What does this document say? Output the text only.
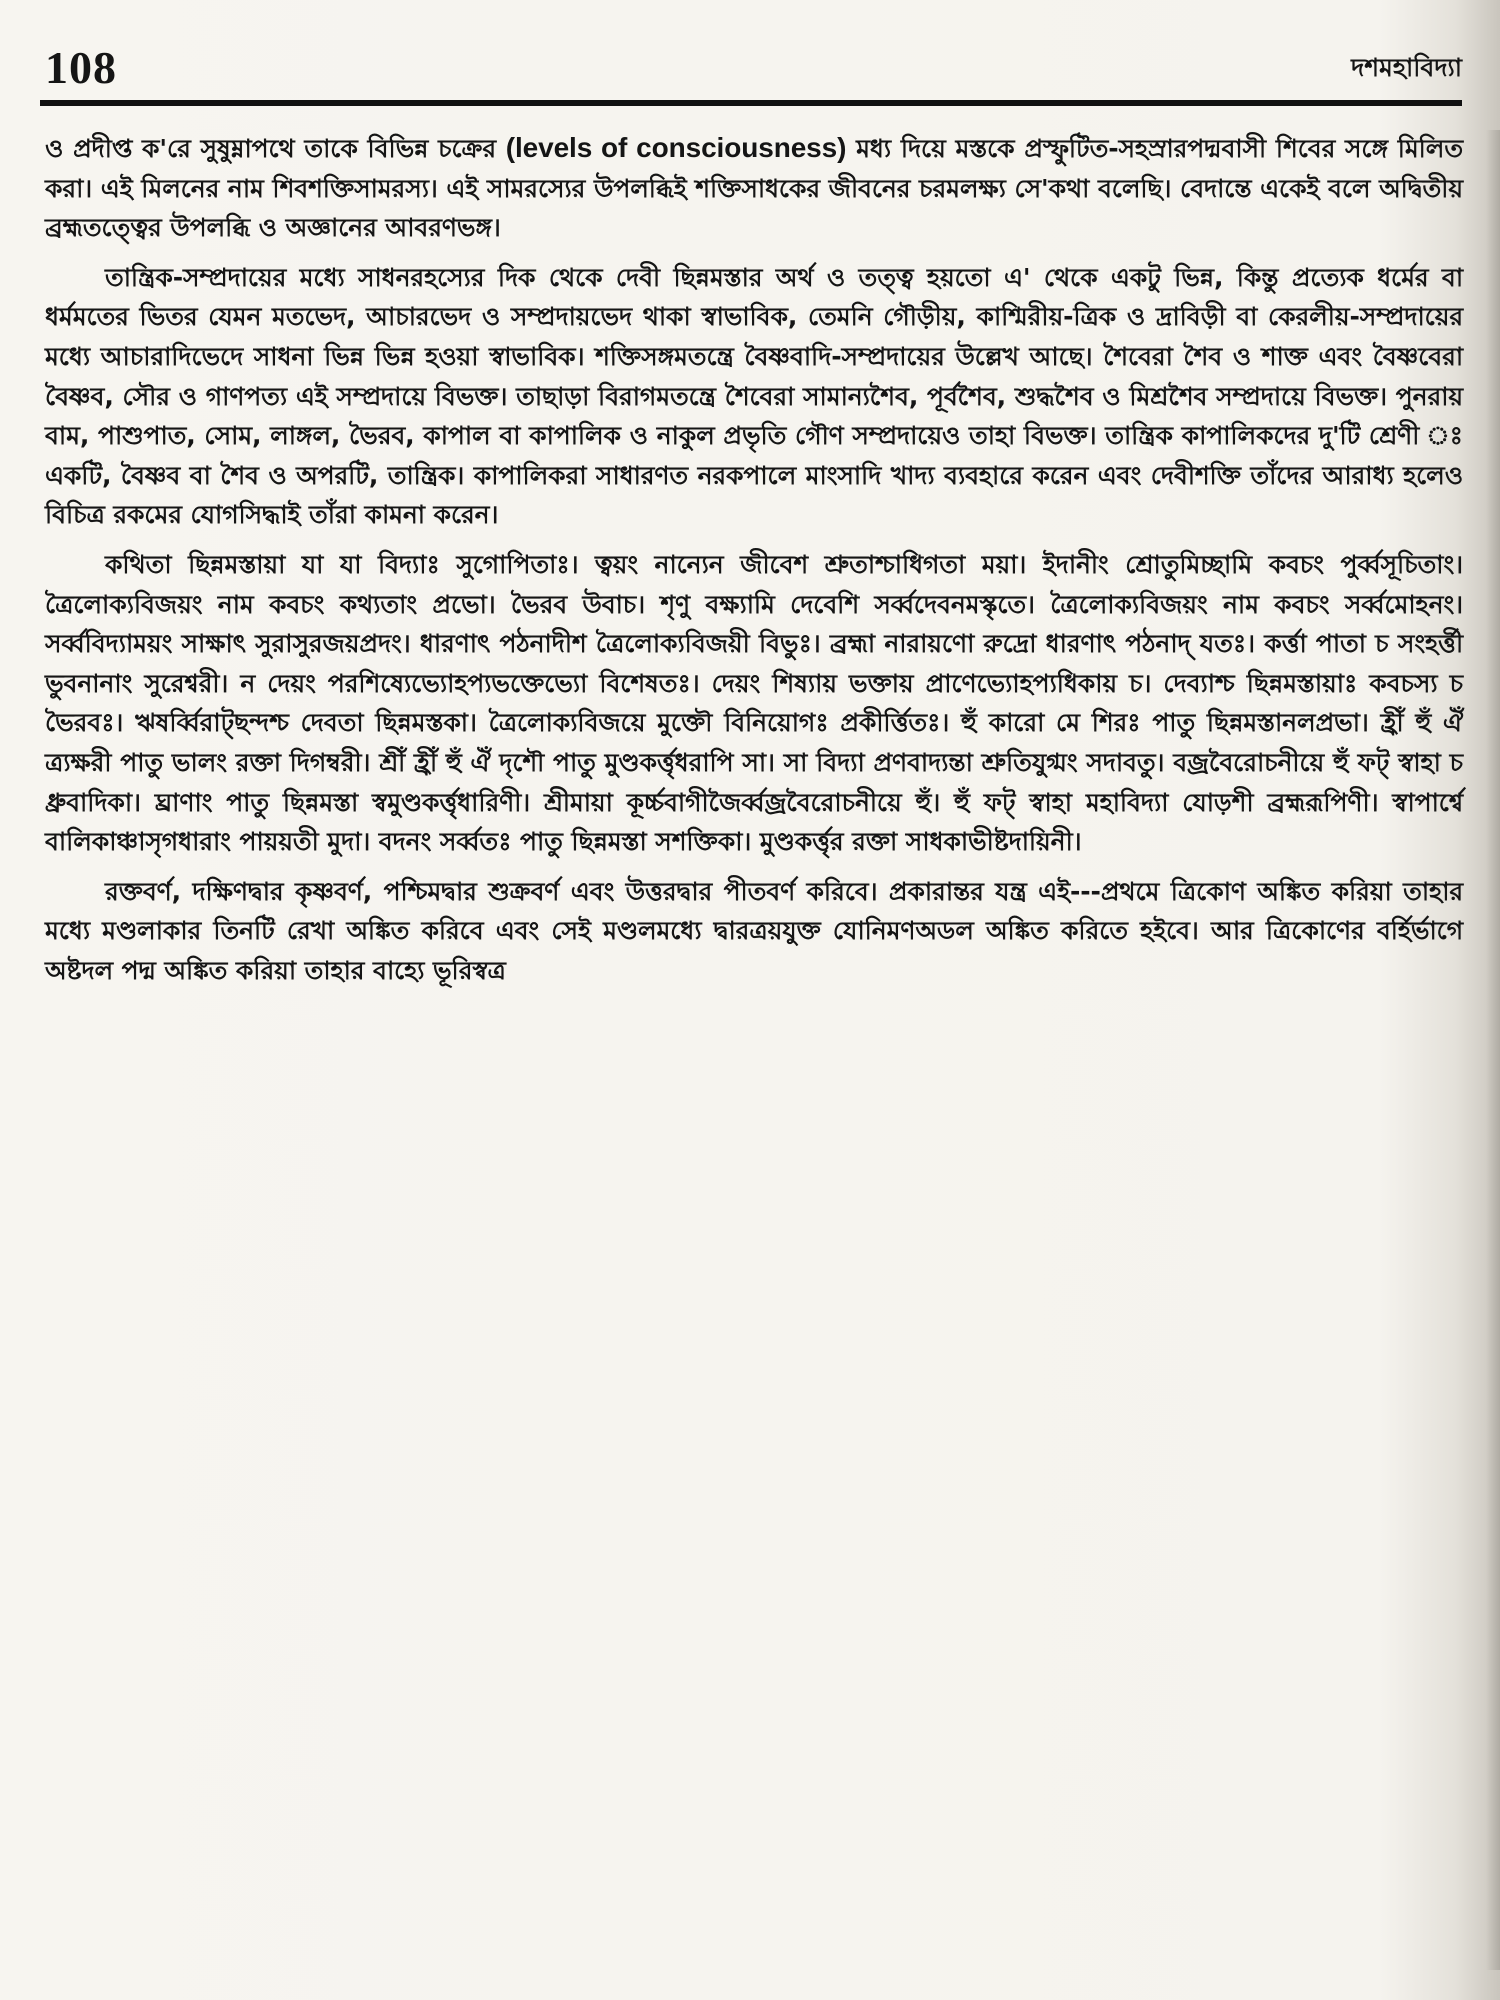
108	দশমহাবিদ্যা

ও প্রদীপ্ত ক'রে সুষুম্নাপথে তাকে বিভিন্ন চক্রের (levels of consciousness) মধ্য দিয়ে মস্তকে প্রস্ফুটিত-সহস্রারপদ্মবাসী শিবের সঙ্গে মিলিত করা। এই মিলনের নাম শিবশক্তিসামরস্য। এই সামরস্যের উপলব্ধিই শক্তিসাধকের জীবনের চরমলক্ষ্য সে'কথা বলেছি। বেদান্তে একেই বলে অদ্বিতীয় ব্রহ্মতত্ত্বের উপলব্ধি ও অজ্ঞানের আবরণভঙ্গ।

তান্ত্রিক-সম্প্রদায়ের মধ্যে সাধনরহস্যের দিক থেকে দেবী ছিন্নমস্তার অর্থ ও তত্ত্ব হয়তো এ' থেকে একটু ভিন্ন, কিন্তু প্রত্যেক ধর্মের বা ধর্মমতের ভিতর যেমন মতভেদ, আচারভেদ ও সম্প্রদায়ভেদ থাকা স্বাভাবিক, তেমনি গৌড়ীয়, কাশ্মিরীয়-ত্রিক ও দ্রাবিড়ী বা কেরলীয়-সম্প্রদায়ের মধ্যে আচারাদিভেদে সাধনা ভিন্ন ভিন্ন হওয়া স্বাভাবিক। শক্তিসঙ্গমতন্ত্রে বৈষ্ণবাদি-সম্প্রদায়ের উল্লেখ আছে। শৈবেরা শৈব ও শাক্ত এবং বৈষ্ণবেরা বৈষ্ণব, সৌর ও গাণপত্য এই সম্প্রদায়ে বিভক্ত। তাছাড়া বিরাগমতন্ত্রে শৈবেরা সামান্যশৈব, পূর্বশৈব, শুদ্ধশৈব ও মিশ্রশৈব সম্প্রদায়ে বিভক্ত। পুনরায় বাম, পাশুপাত, সোম, লাঙ্গল, ভৈরব, কাপাল বা কাপালিক ও নাকুল প্রভৃতি গৌণ সম্প্রদায়েও তাহা বিভক্ত। তান্ত্রিক কাপালিকদের দু'টি শ্রেণী ঃ একটি, বৈষ্ণব বা শৈব ও অপরটি, তান্ত্রিক। কাপালিকরা সাধারণত নরকপালে মাংসাদি খাদ্য ব্যবহারে করেন এবং দেবীশক্তি তাঁদের আরাধ্য হলেও বিচিত্র রকমের যোগসিদ্ধাই তাঁরা কামনা করেন।

কথিতা ছিন্নমস্তায়া যা যা বিদ্যাঃ সুগোপিতাঃ। ত্বয়ং নান্যেন জীবেশ শ্রুতাশ্চাধিগতা ময়া। ইদানীং শ্রোতুমিচ্ছামি কবচং পুর্ব্বসূচিতাং। ত্রৈলোক্যবিজয়ং নাম কবচং কথ্যতাং প্রভো। ভৈরব উবাচ। শৃণু বক্ষ্যামি দেবেশি সর্ব্বদেবনমস্কৃতে। ত্রৈলোক্যবিজয়ং নাম কবচং সর্ব্বমোহনং। সর্ব্ববিদ্যাময়ং সাক্ষাৎ সুরাসুরজয়প্রদং। ধারণাৎ পঠনাদীশ ত্রৈলোক্যবিজয়ী বিভুঃ। ব্রহ্মা নারায়ণো রুদ্রো ধারণাৎ পঠনাদ্ যতঃ। কর্ত্তা পাতা চ সংহর্ত্তী ভুবনানাং সুরেশ্বরী। ন দেয়ং পরশিষ্যেভ্যোহপ্যভক্তেভ্যো বিশেষতঃ। দেয়ং শিষ্যায় ভক্তায় প্রাণেভ্যোহপ্যধিকায় চ। দেব্যাশ্চ ছিন্নমস্তায়াঃ কবচস্য চ ভৈরবঃ। ঋষর্ব্বিরাট্‌ছন্দশ্চ দেবতা ছিন্নমস্তকা। ত্রৈলোক্যবিজয়ে মুক্তৌ বিনিয়োগঃ প্রকীর্ত্তিতঃ। হুঁ কারো মে শিরঃ পাতু ছিন্নমস্তানলপ্রভা। হ্রীঁ হুঁ ঐঁ ত্র্যক্ষরী পাতু ভালং রক্তা দিগম্বরী। শ্রীঁ হ্রীঁ হুঁ ঐঁ দৃশৌ পাতু মুণ্ডকর্ত্তৃধরাপি সা। সা বিদ্যা প্রণবাদ্যন্তা শ্রুতিযুগ্মং সদাবতু। বজ্রবৈরোচনীয়ে হুঁ ফট্ স্বাহা চ ধ্রুবাদিকা। ঘ্রাণাং পাতু ছিন্নমস্তা স্বমুণ্ডকর্ত্তৃধারিণী। শ্রীমায়া কূর্চ্চবাগীজৈর্ব্বজ্রবৈরোচনীয়ে হুঁ। হুঁ ফট্ স্বাহা মহাবিদ্যা যোড়শী ব্রহ্মরূপিণী। স্বাপার্শ্বে বালিকাঞ্চাসৃগধারাং পায়য়তী মুদা। বদনং সর্ব্বতঃ পাতু ছিন্নমস্তা সশক্তিকা। মুণ্ডকর্ত্তৃর রক্তা সাধকাভীষ্টদায়িনী।

রক্তবর্ণ, দক্ষিণদ্বার কৃষ্ণবর্ণ, পশ্চিমদ্বার শুক্রবর্ণ এবং উত্তরদ্বার পীতবর্ণ করিবে। প্রকারান্তর যন্ত্র এই---প্রথমে ত্রিকোণ অঙ্কিত করিয়া তাহার মধ্যে মণ্ডলাকার তিনটি রেখা অঙ্কিত করিবে এবং সেই মণ্ডলমধ্যে দ্বারত্রয়যুক্ত যোনিমণঅডল অঙ্কিত করিতে হইবে। আর ত্রিকোণের বর্হির্ভাগে অষ্টদল পদ্ম অঙ্কিত করিয়া তাহার বাহ্যে ভূরিস্বত্র
